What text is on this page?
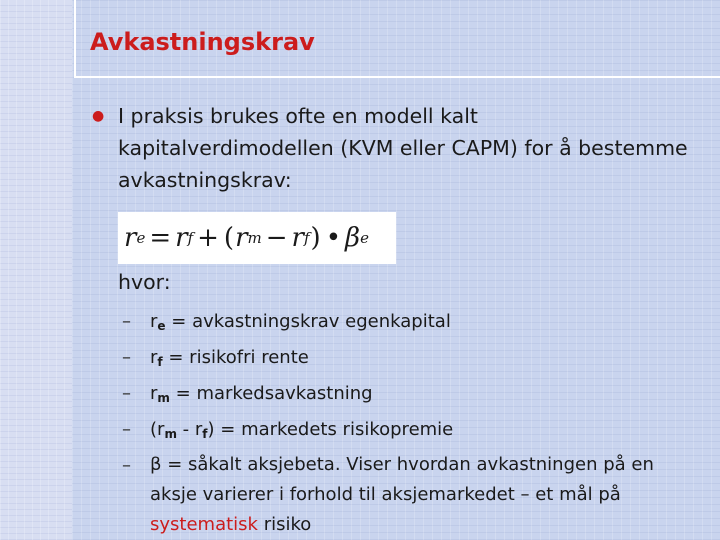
Avkastningskrav
● I praksis brukes ofte en modell kalt kapitalverdimodellen (KVM eller CAPM) for å bestemme avkastningskrav:
r e = r f + ( r m − r f ) • β e
hvor:
– $r_e$ = avkastningskrav egenkapital
– $r_f$ = risikofri rente
– $r_m$ = markedsavkastning
– $(r_m - r_f)$ = markedets risikopremie
– β = såkalt aksjebeta. Viser hvordan avkastningen på en aksje varierer i forhold til aksjemarkedet – et mål på systematisk risiko
